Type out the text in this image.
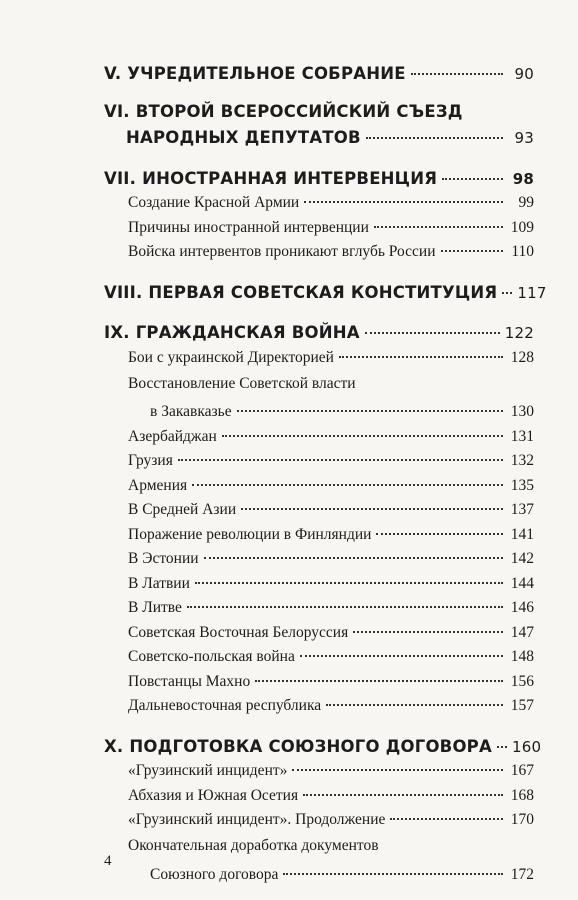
V.
УЧРЕДИТЕЛЬНОЕ СОБРАНИЕ	90
VI.
ВТОРОЙ ВСЕРОССИЙСКИЙ СЪЕЗД
НАРОДНЫХ ДЕПУТАТОВ	93
VII.
ИНОСТРАННАЯ ИНТЕРВЕНЦИЯ	98
Создание Красной Армии	99
Причины иностранной интервенции	109
Войска интервентов проникают вглубь России	110
VIII.
ПЕРВАЯ СОВЕТСКАЯ КОНСТИТУЦИЯ 117
IX.
ГРАЖДАНСКАЯ ВОЙНА	122
Бои с украинской Директорией	128
Восстановление Советской власти
в Закавказье	130
Азербайджан	131
Грузия	132
Армения	135
В Средней Азии	137
Поражение революции в Финляндии	141
В Эстонии	142
В Латвии	144
В Литве	146
Советская Восточная Белоруссия	147
Советско-польская война	148
Повстанцы Махно	156
Дальневосточная республика	157
X.
ПОДГОТОВКА СОЮЗНОГО ДОГОВОРА 160
«Грузинский инцидент»	167
Абхазия и Южная Осетия	168
«Грузинский инцидент». Продолжение	170
Окончательная доработка документов
Союзного договора	172
4
